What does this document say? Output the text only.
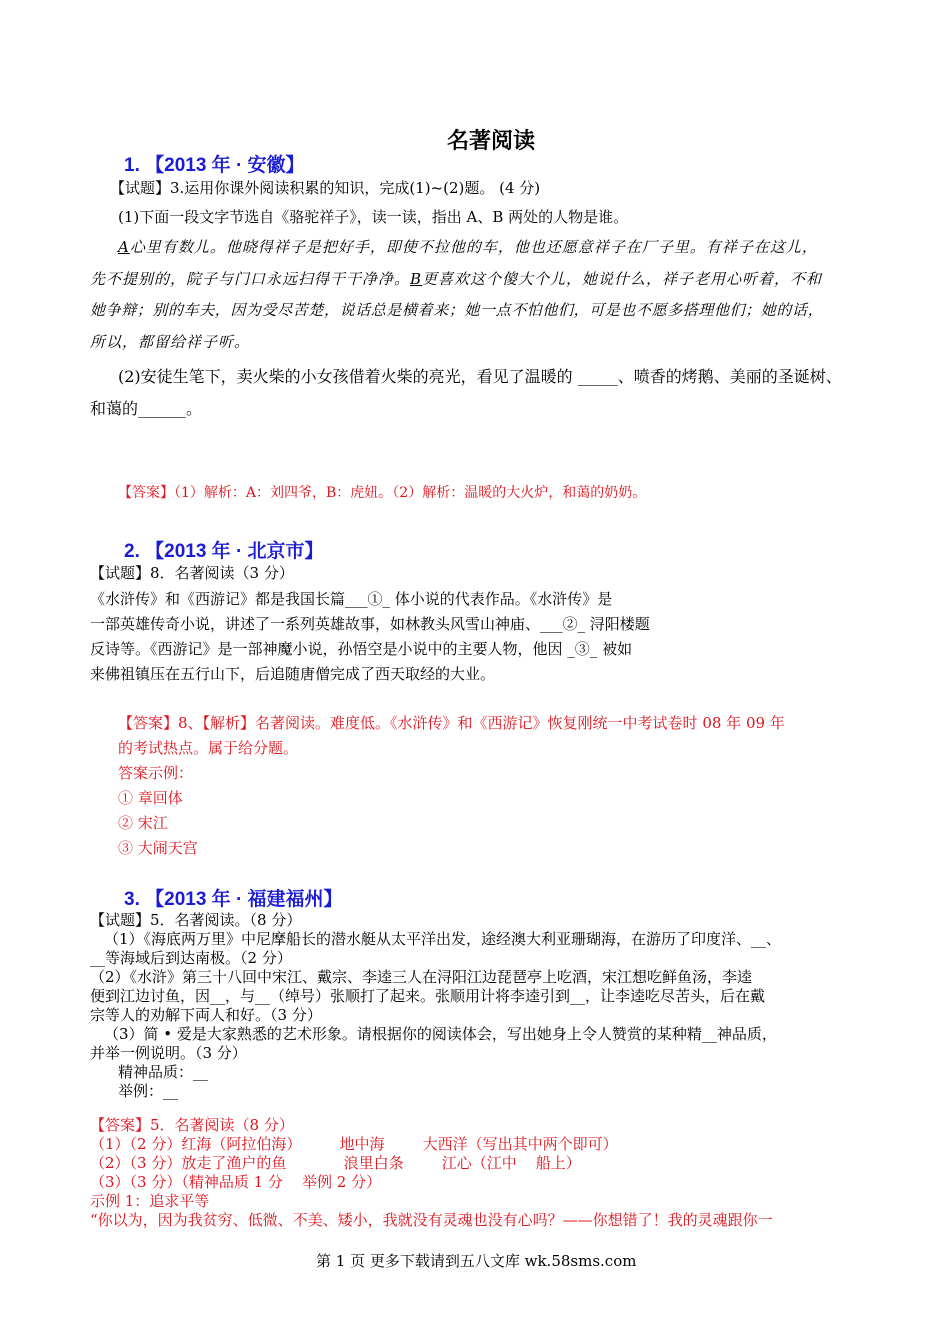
名著阅读
1. 【2013 年 · 安徽】
【试题】3.运用你课外阅读积累的知识，完成(1)~(2)题。 (4 分)
(1)下面一段文字节选自《骆驼祥子》，读一读，指出 A、B 两处的人物是谁。
A心里有数儿。他晓得祥子是把好手，即使不拉他的车，他也还愿意祥子在厂子里。有祥子在这儿，
先不提别的，院子与门口永远扫得干干净净。B更喜欢这个傻大个儿，她说什么，祥子老用心听着，不和
她争辩；别的车夫，因为受尽苦楚，说话总是横着来；她一点不怕他们，可是也不愿多搭理他们；她的话，
所以，都留给祥子听。
(2)安徒生笔下，卖火柴的小女孩借着火柴的亮光，看见了温暖的 _____、喷香的烤鹅、美丽的圣诞树、
和蔼的______。
【答案】（1）解析：A：刘四爷，B：虎妞。（2）解析：温暖的大火炉，和蔼的奶奶。
2. 【2013 年 · 北京市】
【试题】8．名著阅读（3 分）
《水浒传》和《西游记》都是我国长篇___①_ 体小说的代表作品。《水浒传》是
一部英雄传奇小说，讲述了一系列英雄故事，如林教头风雪山神庙、___②_ 浔阳楼题
反诗等。《西游记》是一部神魔小说，孙悟空是小说中的主要人物，他因 _③_ 被如
来佛祖镇压在五行山下，后追随唐僧完成了西天取经的大业。
【答案】8、【解析】名著阅读。难度低。《水浒传》和《西游记》恢复刚统一中考试卷时 08 年 09 年
的考试热点。属于给分题。
答案示例：
① 章回体
② 宋江
③ 大闹天宫
3. 【2013 年 · 福建福州】
【试题】5．名著阅读。（8 分）
（1）《海底两万里》中尼摩船长的潜水艇从太平洋出发，途经澳大利亚珊瑚海，在游历了印度洋、__、
__等海域后到达南极。（2 分）
（2）《水浒》第三十八回中宋江、戴宗、李逵三人在浔阳江边琵琶亭上吃酒，宋江想吃鲜鱼汤，李逵
便到江边讨鱼，因__，与__（绰号）张顺打了起来。张顺用计将李逵引到__，让李逵吃尽苦头，后在戴
宗等人的劝解下両人和好。（3 分）
（3）简 • 爱是大家熟悉的艺术形象。请根据你的阅读体会，写出她身上令人赞赏的某种精__神品质，
并举一例说明。（3 分）
精神品质：__
举例：__
【答案】5．名著阅读（8 分）
（1）（2 分）红海（阿拉伯海）        地中海        大西洋（写出其中两个即可）
（2）（3 分）放走了渔户的鱼            浪里白条        江心（江中    船上）
（3）（3 分）（精神品质 1 分    举例 2 分）
示例 1：追求平等
“你以为，因为我贫穷、低微、不美、矮小，我就没有灵魂也没有心吗？——你想错了！我的灵魂跟你一
第 1 页 更多下载请到五八文库 wk.58sms.com
